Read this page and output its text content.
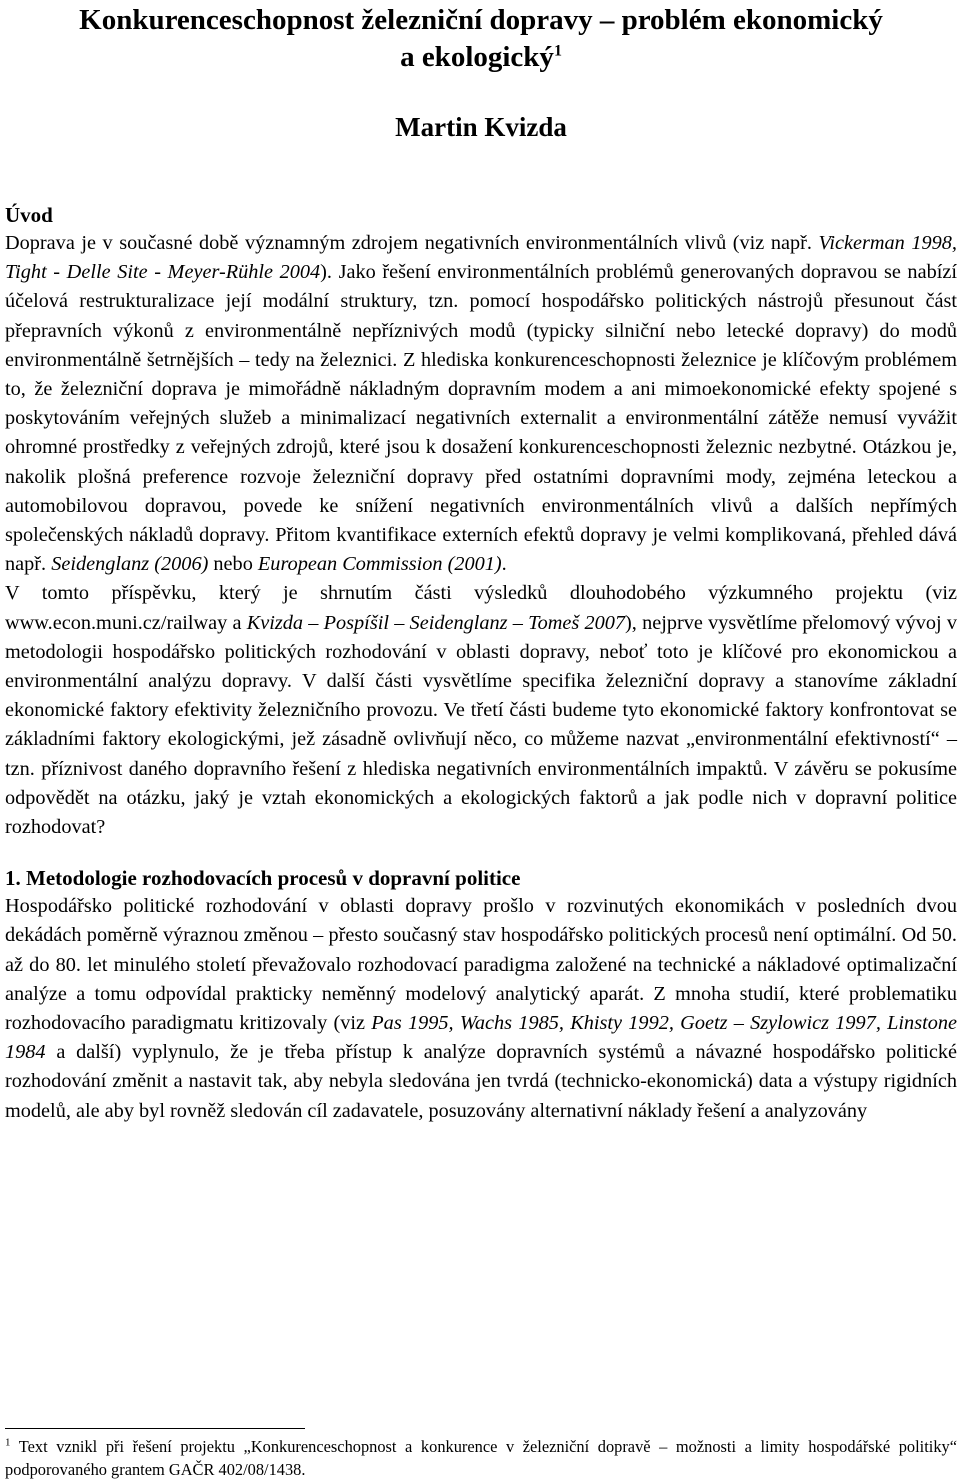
Konkurenceschopnost železniční dopravy – problém ekonomický
a ekologický$^1$
Martin Kvizda
Úvod

Doprava je v současné době významným zdrojem negativních environmentálních vlivů (viz např. Vickerman 1998, Tight - Delle Site - Meyer-Rühle 2004). Jako řešení environmentálních problémů generovaných dopravou se nabízí účelová restrukturalizace její modální struktury, tzn. pomocí hospodářsko politických nástrojů přesunout část přepravních výkonů z environmentálně nepříznivých modů (typicky silniční nebo letecké dopravy) do modů environmentálně šetrnějších – tedy na železnici. Z hlediska konkurenceschopnosti železnice je klíčovým problémem to, že železniční doprava je mimořádně nákladným dopravním modem a ani mimoekonomické efekty spojené s poskytováním veřejných služeb a minimalizací negativních externalit a environmentální zátěže nemusí vyvážit ohromné prostředky z veřejných zdrojů, které jsou k dosažení konkurenceschopnosti železnic nezbytné. Otázkou je, nakolik plošná preference rozvoje železniční dopravy před ostatními dopravními mody, zejména leteckou a automobilovou dopravou, povede ke snížení negativních environmentálních vlivů a dalších nepřímých společenských nákladů dopravy. Přitom kvantifikace externích efektů dopravy je velmi komplikovaná, přehled dává např. Seidenglanz (2006) nebo European Commission (2001).

V tomto příspěvku, který je shrnutím části výsledků dlouhodobého výzkumného projektu (viz www.econ.muni.cz/railway a Kvizda – Pospíšil – Seidenglanz – Tomeš 2007), nejprve vysvětlíme přelomový vývoj v metodologii hospodářsko politických rozhodování v oblasti dopravy, neboť toto je klíčové pro ekonomickou a environmentální analýzu dopravy. V další části vysvětlíme specifika železniční dopravy a stanovíme základní ekonomické faktory efektivity železničního provozu. Ve třetí části budeme tyto ekonomické faktory konfrontovat se základními faktory ekologickými, jež zásadně ovlivňují něco, co můžeme nazvat „environmentální efektivností“ – tzn. příznivost daného dopravního řešení z hlediska negativních environmentálních impaktů. V závěru se pokusíme odpovědět na otázku, jaký je vztah ekonomických a ekologických faktorů a jak podle nich v dopravní politice rozhodovat?

1. Metodologie rozhodovacích procesů v dopravní politice

Hospodářsko politické rozhodování v oblasti dopravy prošlo v rozvinutých ekonomikách v posledních dvou dekádách poměrně výraznou změnou – přesto současný stav hospodářsko politických procesů není optimální. Od 50. až do 80. let minulého století převažovalo rozhodovací paradigma založené na technické a nákladové optimalizační analýze a tomu odpovídal prakticky neměnný modelový analytický aparát. Z mnoha studií, které problematiku rozhodovacího paradigmatu kritizovaly (viz Pas 1995, Wachs 1985, Khisty 1992, Goetz – Szylowicz 1997, Linstone 1984 a další) vyplynulo, že je třeba přístup k analýze dopravních systémů a návazné hospodářsko politické rozhodování změnit a nastavit tak, aby nebyla sledována jen tvrdá (technicko-ekonomická) data a výstupy rigidních modelů, ale aby byl rovněž sledován cíl zadavatele, posuzovány alternativní náklady řešení a analyzovány

$^1$ Text vznikl při řešení projektu „Konkurenceschopnost a konkurence v železniční dopravě – možnosti a limity hospodářské politiky“ podporovaného grantem GAČR 402/08/1438.
